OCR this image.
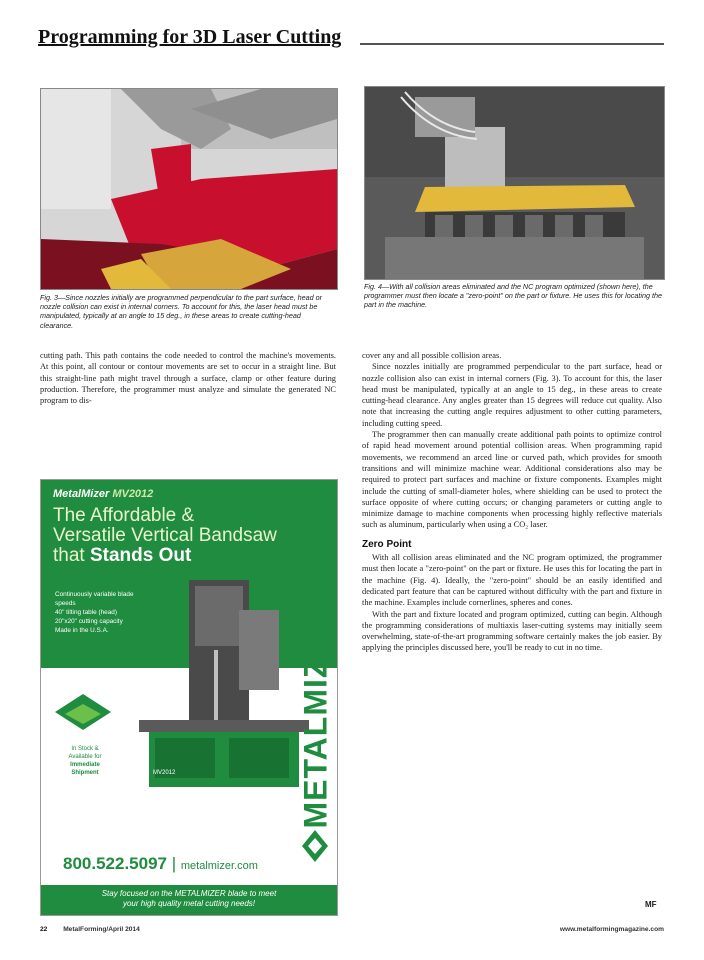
Programming for 3D Laser Cutting
Fig. 3—Since nozzles initially are programmed perpendicular to the part surface, head or nozzle collision can exist in internal corners. To account for this, the laser head must be manipulated, typically at an angle to 15 deg., in these areas to create cutting-head clearance.
Fig. 4—With all collision areas eliminated and the NC program optimized (shown here), the programmer must then locate a "zero-point" on the part or fixture. He uses this for locating the part in the machine.

cutting path. This path contains the code needed to control the machine's movements. At this point, all contour or contour movements are set to occur in a straight line. But this straight-line path might travel through a surface, clamp or other feature during production. Therefore, the programmer must analyze and simulate the generated NC program to dis-

cover any and all possible collision areas.

Since nozzles initially are programmed perpendicular to the part surface, head or nozzle collision also can exist in internal corners (Fig. 3). To account for this, the laser head must be manipulated, typically at an angle to 15 deg., in these areas to create cutting-head clearance. Any angles greater than 15 degrees will reduce cut quality. Also note that increasing the cutting angle requires adjustment to other cutting parameters, including cutting speed.

The programmer then can manually create additional path points to optimize control of rapid head movement around potential collision areas. When programming rapid movements, we recommend an arced line or curved path, which provides for smooth transitions and will minimize machine wear. Additional considerations also may be required to protect part surfaces and machine or fixture components. Examples might include the cutting of small-diameter holes, where shielding can be used to protect the surface opposite of where cutting occurs; or changing parameters or cutting angle to minimize damage to machine components when processing highly reflective materials such as aluminum, particularly when using a CO₂ laser.

Zero Point

With all collision areas eliminated and the NC program optimized, the programmer must then locate a "zero-point" on the part or fixture. He uses this for locating the part in the machine (Fig. 4). Ideally, the "zero-point" should be an easily identified and dedicated part feature that can be captured without difficulty with the part and fixture in the machine. Examples include cornerlines, spheres and cones.

With the part and fixture located and program optimized, cutting can begin. Although the programming considerations of multiaxis laser-cutting systems may initially seem overwhelming, state-of-the-art programming software certainly makes the job easier. By applying the principles discussed here, you'll be ready to cut in no time.

MF
MetalMizer MV2012
The Affordable &
Versatile Vertical Bandsaw
that Stands Out
Continuously variable blade
speeds
40" tilting table (head)
20"x20" cutting capacity
Made in the U.S.A.
MV2012
In Stock &
Available for
Immediate
Shipment	METALMIZER
800.522.5097 | metalmizer.com
Stay focused on the METALMIZER blade to meet
your high quality metal cutting needs!
22 MetalForming/April 2014	www.metalformingmagazine.com
